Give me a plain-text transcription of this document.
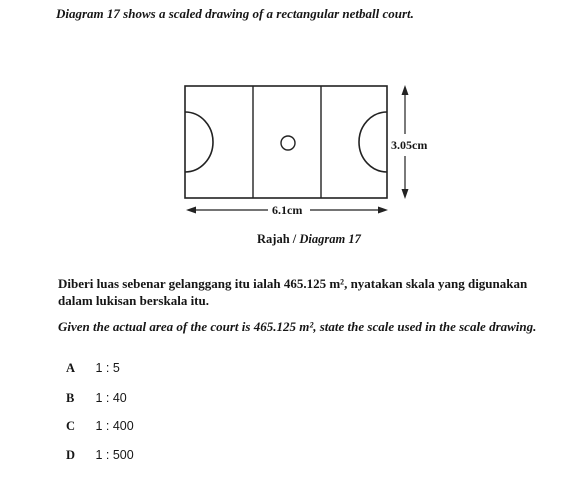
Diagram 17 shows a scaled drawing of a rectangular netball court.
6.1cm
3.05cm
Rajah / Diagram 17
Diberi luas sebenar gelanggang itu ialah 465.125 m², nyatakan skala yang digunakan dalam lukisan berskala itu.
Given the actual area of the court is 465.125 m², state the scale used in the scale drawing.
A 1 : 5
B 1 : 40
C 1 : 400
D 1 : 500
